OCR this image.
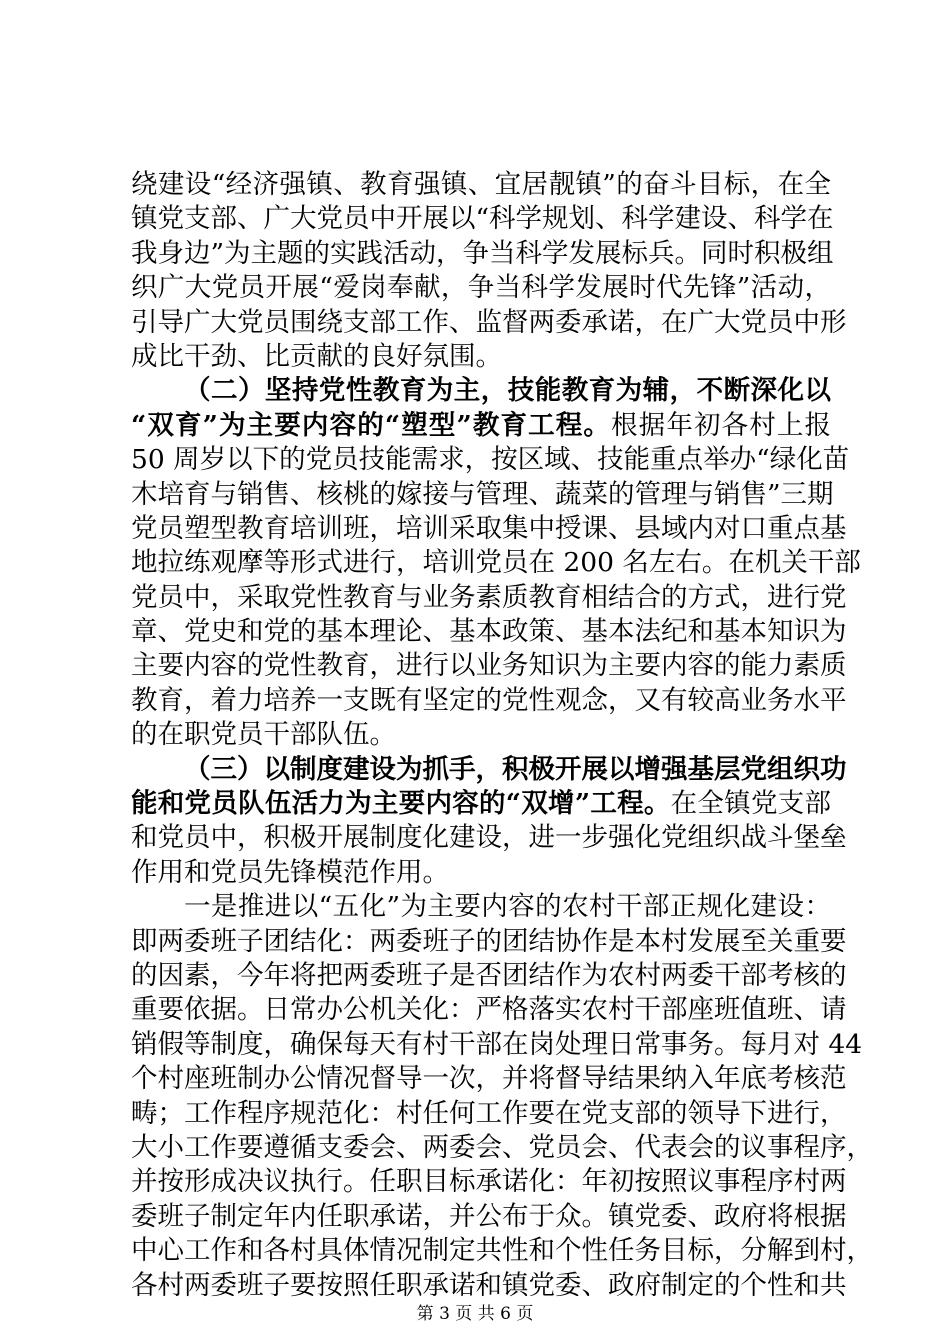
绕建设“经济强镇、教育强镇、宜居靓镇”的奋斗目标，在全
镇党支部、广大党员中开展以“科学规划、科学建设、科学在
我身边”为主题的实践活动，争当科学发展标兵。同时积极组
织广大党员开展“爱岗奉献，争当科学发展时代先锋”活动，
引导广大党员围绕支部工作、监督两委承诺，在广大党员中形
成比干劲、比贡献的良好氛围。
（二）坚持党性教育为主，技能教育为辅，不断深化以
“双育”为主要内容的“塑型”教育工程。根据年初各村上报
50 周岁以下的党员技能需求，按区域、技能重点举办“绿化苗
木培育与销售、核桃的嫁接与管理、蔬菜的管理与销售”三期
党员塑型教育培训班，培训采取集中授课、县域内对口重点基
地拉练观摩等形式进行，培训党员在 200 名左右。在机关干部
党员中，采取党性教育与业务素质教育相结合的方式，进行党
章、党史和党的基本理论、基本政策、基本法纪和基本知识为
主要内容的党性教育，进行以业务知识为主要内容的能力素质
教育，着力培养一支既有坚定的党性观念，又有较高业务水平
的在职党员干部队伍。
（三）以制度建设为抓手，积极开展以增强基层党组织功
能和党员队伍活力为主要内容的“双增”工程。在全镇党支部
和党员中，积极开展制度化建设，进一步强化党组织战斗堡垒
作用和党员先锋模范作用。
一是推进以“五化”为主要内容的农村干部正规化建设：
即两委班子团结化：两委班子的团结协作是本村发展至关重要
的因素，今年将把两委班子是否团结作为农村两委干部考核的
重要依据。日常办公机关化：严格落实农村干部座班值班、请
销假等制度，确保每天有村干部在岗处理日常事务。每月对 44
个村座班制办公情况督导一次，并将督导结果纳入年底考核范
畴；工作程序规范化：村任何工作要在党支部的领导下进行，
大小工作要遵循支委会、两委会、党员会、代表会的议事程序，
并按形成决议执行。任职目标承诺化：年初按照议事程序村两
委班子制定年内任职承诺，并公布于众。镇党委、政府将根据
中心工作和各村具体情况制定共性和个性任务目标，分解到村，
各村两委班子要按照任职承诺和镇党委、政府制定的个性和共
第 3 页 共 6 页
